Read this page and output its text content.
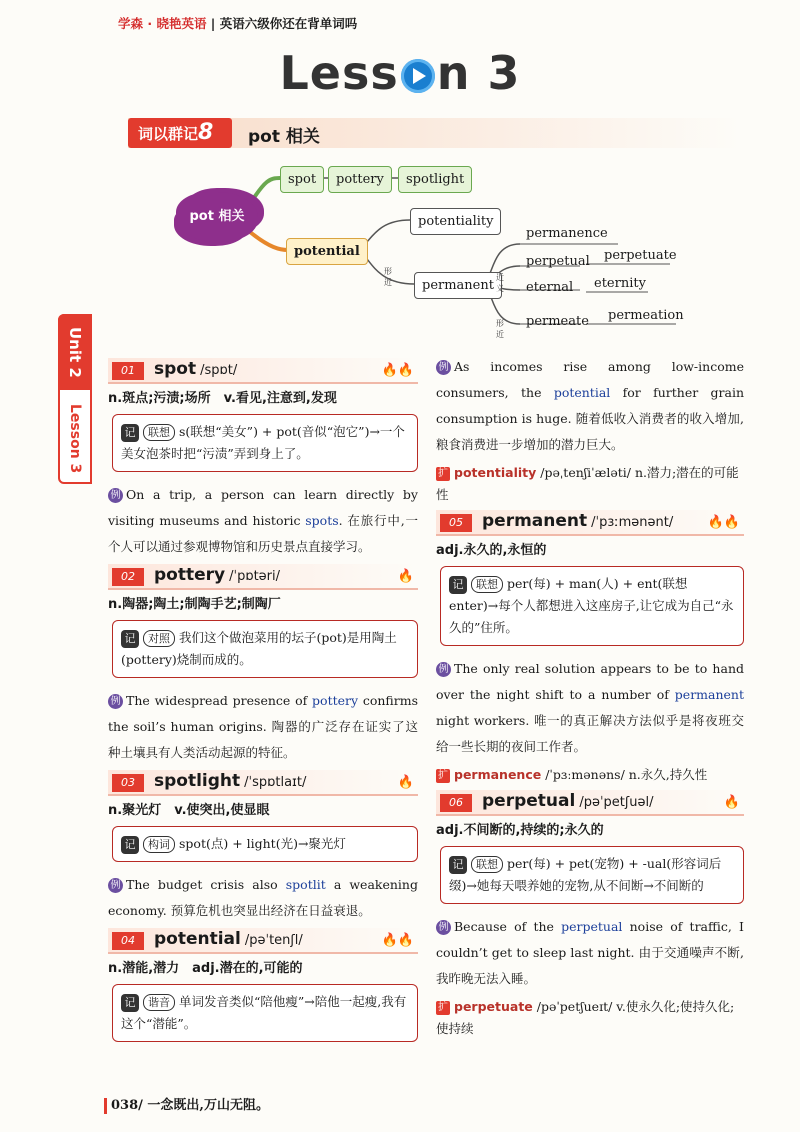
学森 · 晓艳英语 | 英语六级你还在背单词吗
Less n 3
词以群记8	pot 相关
pot 相关
spot	pottery	spotlight
potential
potentiality
permanent
形近
近义
形近
permanence
perpetual perpetuate
eternal eternity
permeate permeation
Unit 2
Lesson 3
01	spot /spɒt/	🔥🔥
n.斑点;污渍;场所　v.看见,注意到,发现
记 联想 s(联想“美女”) + pot(音似“泡它”)→一个美女泡茶时把“污渍”弄到身上了。
例 On a trip, a person can learn directly by visiting museums and historic spots. 在旅行中,一个人可以通过参观博物馆和历史景点直接学习。
02	pottery /ˈpɒtəri/	🔥
n.陶器;陶土;制陶手艺;制陶厂
记 对照 我们这个做泡菜用的坛子(pot)是用陶土(pottery)烧制而成的。
例 The widespread presence of pottery confirms the soil’s human origins. 陶器的广泛存在证实了这种土壤具有人类活动起源的特征。
03	spotlight /ˈspɒtlaɪt/	🔥
n.聚光灯　v.使突出,使显眼
记 构词 spot(点) + light(光)→聚光灯
例 The budget crisis also spotlit a weakening economy. 预算危机也突显出经济在日益衰退。
04	potential /pəˈtenʃl/	🔥🔥
n.潜能,潜力　adj.潜在的,可能的
记 谐音 单词发音类似“陪他瘦”→陪他一起瘦,我有这个“潜能”。
例 As incomes rise among low-income consumers, the potential for further grain consumption is huge. 随着低收入消费者的收入增加,粮食消费进一步增加的潜力巨大。
扩 potentiality /pəˌtenʃiˈæləti/ n.潜力;潜在的可能性
05	permanent /ˈpɜːmənənt/	🔥🔥
adj.永久的,永恒的
记 联想 per(每) + man(人) + ent(联想enter)→每个人都想进入这座房子,让它成为自己“永久的”住所。
例 The only real solution appears to be to hand over the night shift to a number of permanent night workers. 唯一的真正解决方法似乎是将夜班交给一些长期的夜间工作者。
扩 permanence /ˈpɜːmənəns/ n.永久,持久性
06	perpetual /pəˈpetʃuəl/	🔥
adj.不间断的,持续的;永久的
记 联想 per(每) + pet(宠物) + -ual(形容词后缀)→她每天喂养她的宠物,从不间断→不间断的
例 Because of the perpetual noise of traffic, I couldn’t get to sleep last night. 由于交通噪声不断,我昨晚无法入睡。
扩 perpetuate /pəˈpetʃueɪt/ v.使永久化;使持久化;使持续
038/ 一念既出,万山无阻。
